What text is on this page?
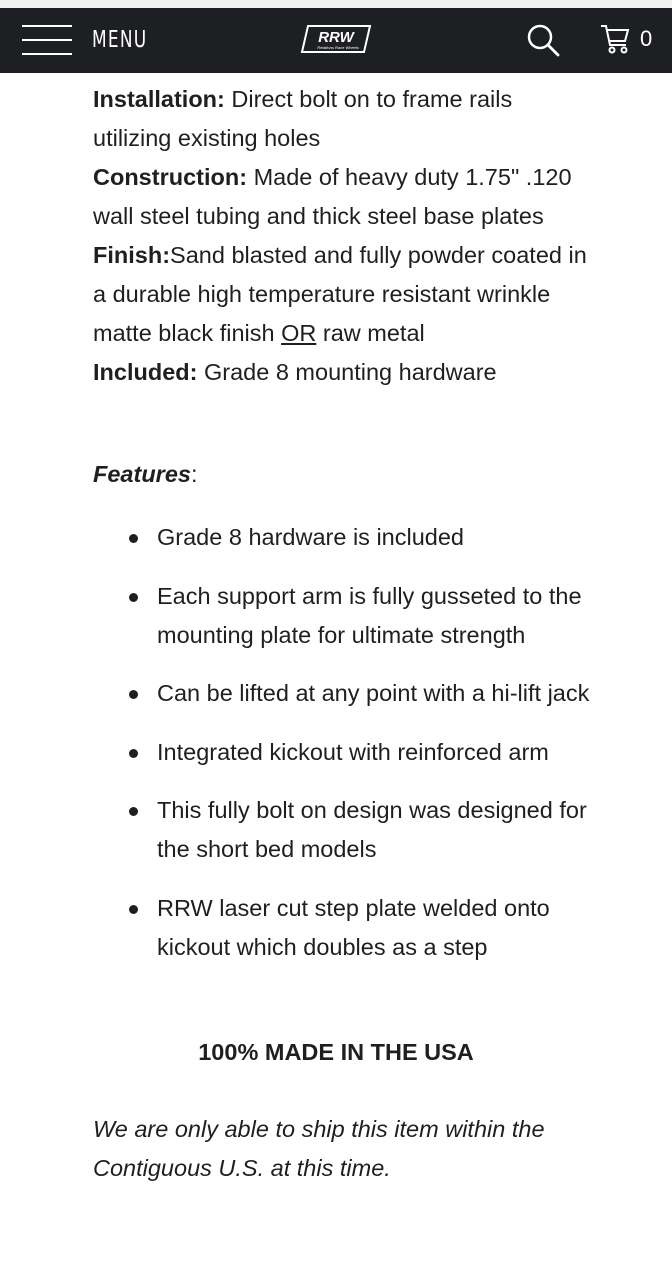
MENU	RRW
Relations Race Wheels	0
Installation: Direct bolt on to frame rails utilizing existing holes
Construction: Made of heavy duty 1.75" .120 wall steel tubing and thick steel base plates
Finish:Sand blasted and fully powder coated in a durable high temperature resistant wrinkle matte black finish OR raw metal
Included: Grade 8 mounting hardware
Features:
Grade 8 hardware is included
Each support arm is fully gusseted to the mounting plate for ultimate strength
Can be lifted at any point with a hi-lift jack
Integrated kickout with reinforced arm
This fully bolt on design was designed for the short bed models
RRW laser cut step plate welded onto kickout which doubles as a step
100% MADE IN THE USA
We are only able to ship this item within the Contiguous U.S. at this time.
